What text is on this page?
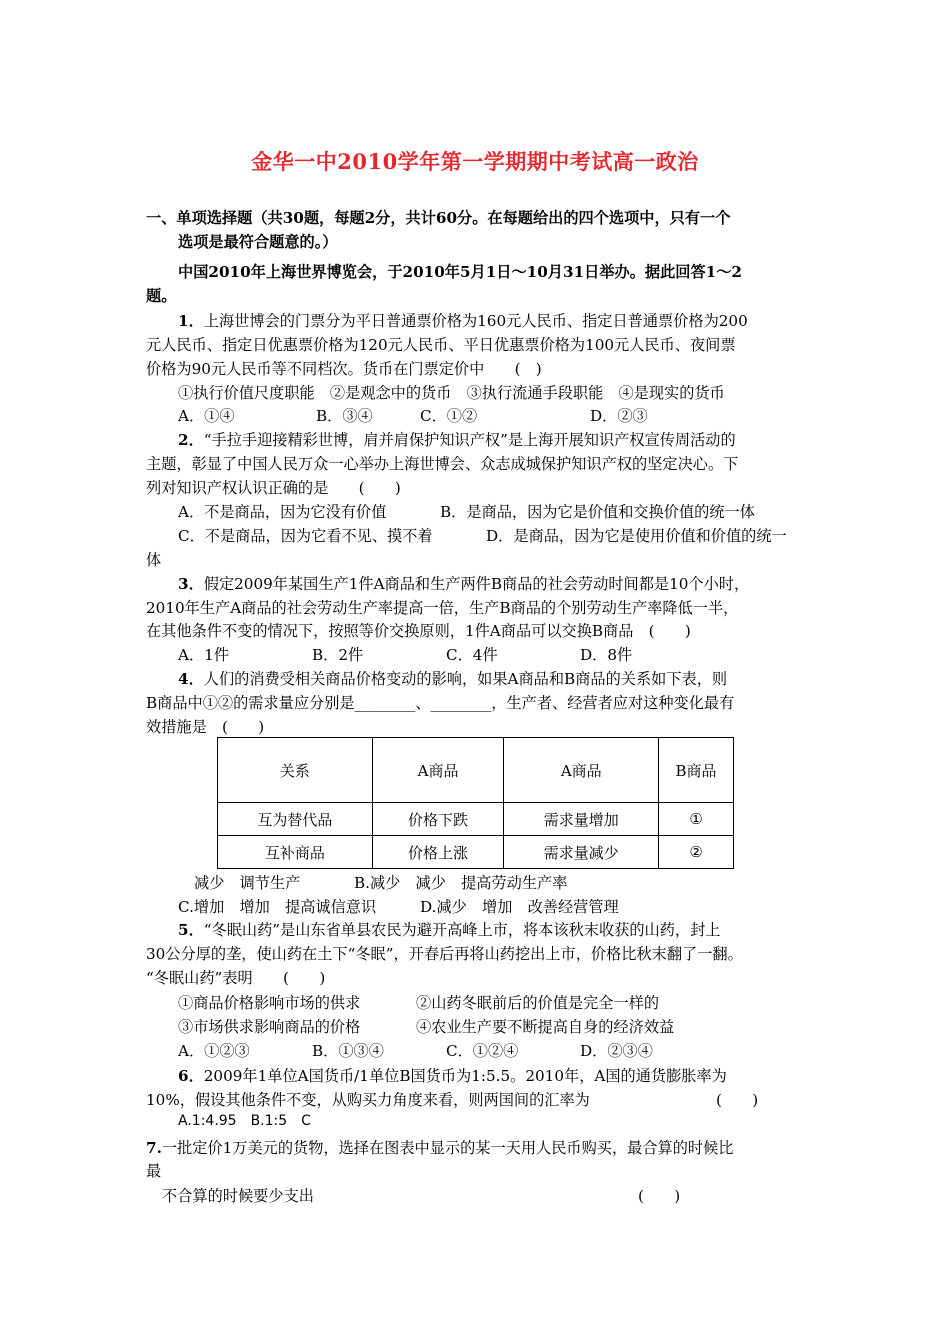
金华一中2010学年第一学期期中考试高一政治
一、单项选择题（共30题，每题2分，共计60分。在每题给出的四个选项中，只有一个
选项是最符合题意的。）
中国2010年上海世界博览会，于2010年5月1日～10月31日举办。据此回答1～2
题。
1．上海世博会的门票分为平日普通票价格为160元人民币、指定日普通票价格为200
元人民币、指定日优惠票价格为120元人民币、平日优惠票价格为100元人民币、夜间票
价格为90元人民币等不同档次。货币在门票定价中　　(　)
①执行价值尺度职能　②是观念中的货币　③执行流通手段职能　④是现实的货币
A．①④	B．③④	C．①②	D．②③
2．“手拉手迎接精彩世博，肩并肩保护知识产权”是上海开展知识产权宣传周活动的
主题，彰显了中国人民万众一心举办上海世博会、众志成城保护知识产权的坚定决心。下
列对知识产权认识正确的是　　(　　)
A．不是商品，因为它没有价值	B．是商品，因为它是价值和交换价值的统一体
C．不是商品，因为它看不见、摸不着	D．是商品，因为它是使用价值和价值的统一
体
3．假定2009年某国生产1件A商品和生产两件B商品的社会劳动时间都是10个小时，
2010年生产A商品的社会劳动生产率提高一倍，生产B商品的个别劳动生产率降低一半，
在其他条件不变的情况下，按照等价交换原则，1件A商品可以交换B商品　(　　)
A．1件	B．2件	C．4件	D．8件
4．人们的消费受相关商品价格变动的影响，如果A商品和B商品的关系如下表，则
B商品中①②的需求量应分别是________、________，生产者、经营者应对这种变化最有
效措施是　(　　)
关系	A商品	A商品	B商品
互为替代品	价格下跌	需求量增加	①
互补商品	价格上涨	需求量减少	②
减少　调节生产	B.减少　减少　提高劳动生产率
C.增加　增加　提高诚信意识	D.减少　增加　改善经营管理
5．“冬眠山药”是山东省单县农民为避开高峰上市，将本该秋末收获的山药，封上
30公分厚的垄，使山药在土下“冬眠”，开春后再将山药挖出上市，价格比秋末翻了一翻。
“冬眠山药”表明　　(　　)
①商品价格影响市场的供求	②山药冬眠前后的价值是完全一样的
③市场供求影响商品的价格	④农业生产要不断提高自身的经济效益
A．①②③	B．①③④	C．①②④	D．②③④
6．2009年1单位A国货币/1单位B国货币为1:5.5。2010年，A国的通货膨胀率为
10%，假设其他条件不变，从购买力角度来看，则两国间的汇率为	(　　)
A.1:4.95　B.1:5　C
7.一批定价1万美元的货物，选择在图表中显示的某一天用人民币购买，最合算的时候比
最
不合算的时候要少支出	(　　)
